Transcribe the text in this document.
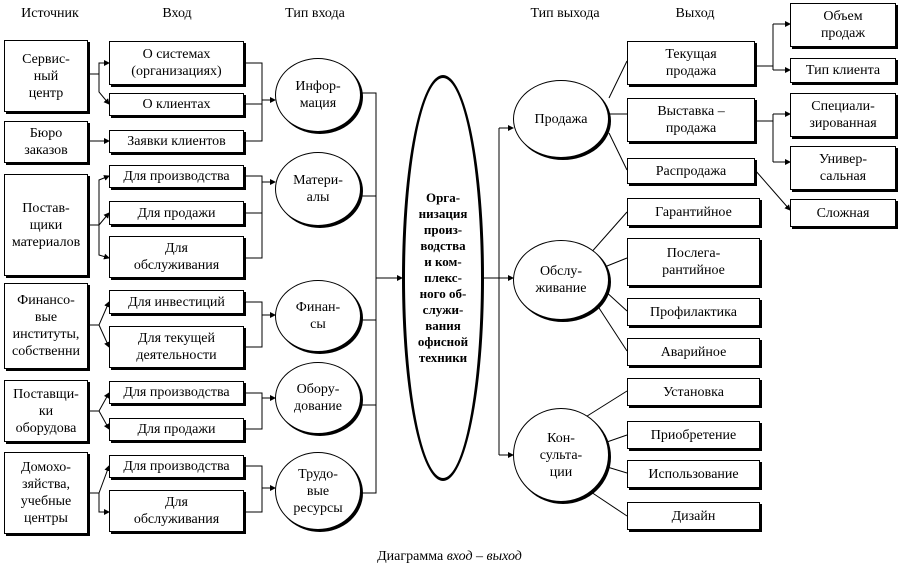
Источник	Вход	Тип входа	Тип выхода	Выход
Сервис-
ный
центр
Бюро
заказов
Постав-
щики
материалов
Финансо-
вые
институты,
собственни
Поставщи-
ки
оборудова
Домохо-
зяйства,
учебные
центры
О системах
(организациях)
О клиентах
Заявки клиентов
Для производства
Для продажи
Для
обслуживания
Для инвестиций
Для текущей
деятельности
Для производства
Для продажи
Для производства
Для
обслуживания
Инфор-
мация
Матери-
алы
Финан-
сы
Обору-
дование
Трудо-
вые
ресурсы
Орга-
низация
произ-
водства
и ком-
плекс-
ного об-
служи-
вания
офисной
техники
Продажа
Обслу-
живание
Кон-
сульта-
ции
Текущая
продажа
Выставка –
продажа
Распродажа
Гарантийное
Послега-
рантийное
Профилактика
Аварийное
Установка
Приобретение
Использование
Дизайн
Объем
продаж
Тип клиента
Специали-
зированная
Универ-
сальная
Сложная
Диаграмма вход – выход
